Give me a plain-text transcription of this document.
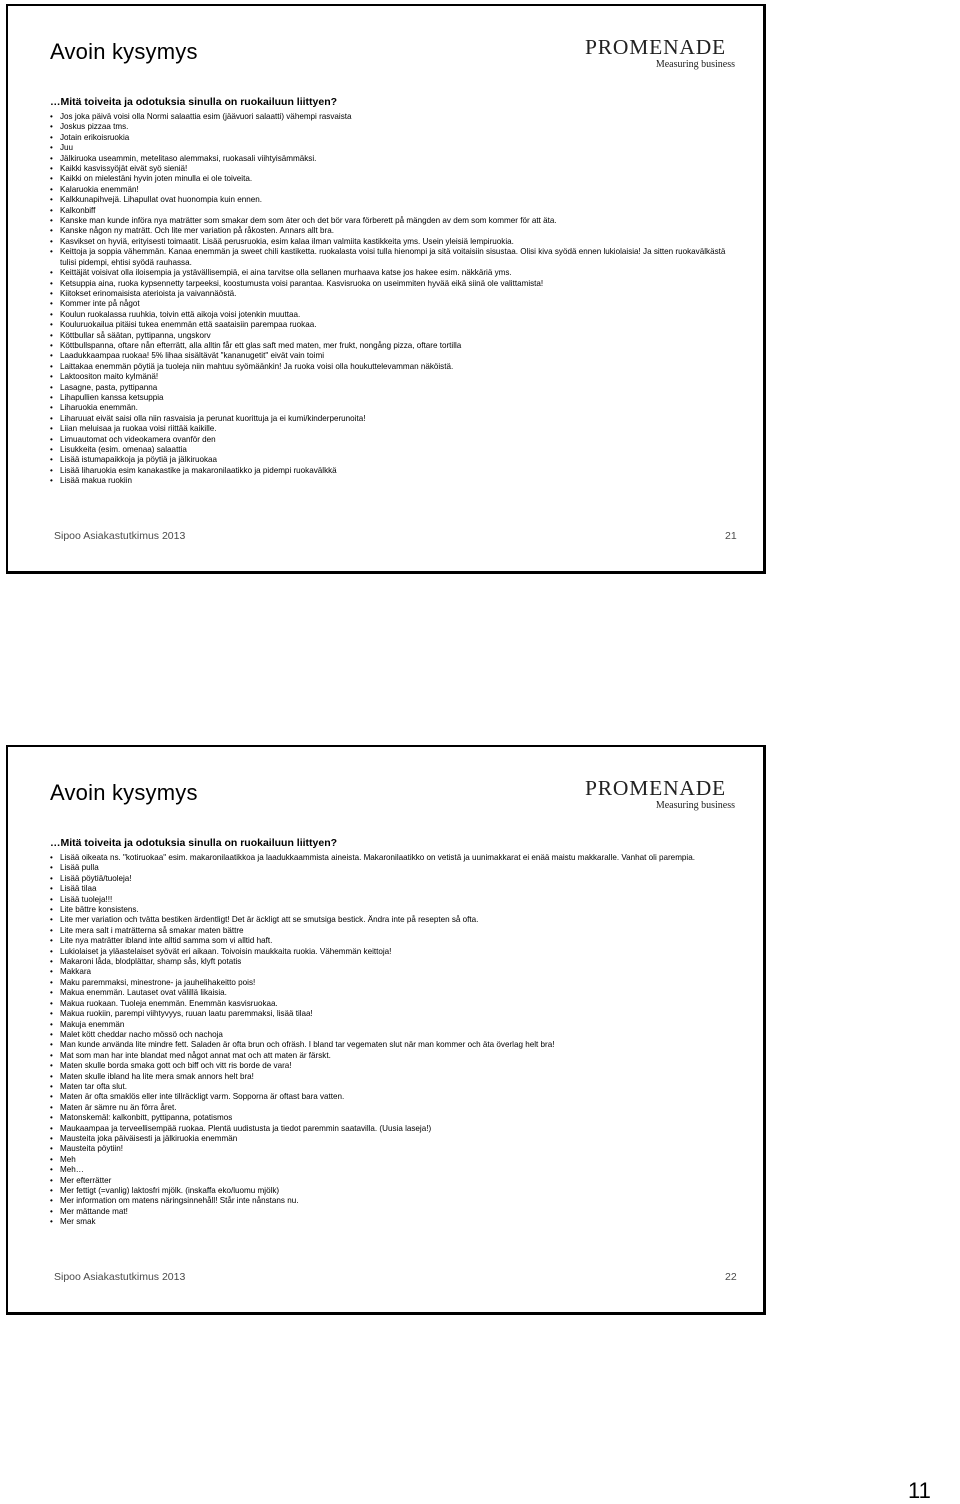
Avoin kysymys	PROMENADE
Measuring business

…Mitä toiveita ja odotuksia sinulla on ruokailuun liittyen?

• Jos joka päivä voisi olla Normi salaattia esim (jäävuori salaatti) vähempi rasvaista
• Joskus pizzaa tms.
• Jotain erikoisruokia
• Juu
• Jälkiruoka useammin, metelitaso alemmaksi, ruokasali viihtyisämmäksi.
• Kaikki kasvissyöjät eivät syö sieniä!
• Kaikki on mielestäni hyvin joten minulla ei ole toiveita.
• Kalaruokia enemmän!
• Kalkkunapihvejä. Lihapullat ovat huonompia kuin ennen.
• Kalkonbiff
• Kanske man kunde införa nya maträtter som smakar dem som äter och det bör vara förberett på mängden av dem som kommer för att äta.
• Kanske någon ny maträtt. Och lite mer variation på råkosten. Annars allt bra.
• Kasvikset on hyviä, erityisesti toimaatit. Lisää perusruokia, esim kalaa ilman valmiita kastikkeita yms. Usein yleisiä lempiruokia.
• Keittoja ja soppia vähemmän. Kanaa enemmän ja sweet chili kastiketta. ruokalasta voisi tulla hienompi ja sitä voitaisiin sisustaa. Olisi kiva syödä ennen lukiolaisia! Ja sitten ruokavälkästä tulisi pidempi, ehtisi syödä rauhassa.
• Keittäjät voisivat olla iloisempia ja ystävällisempiä, ei aina tarvitse olla sellanen murhaava katse jos hakee esim. näkkäriä yms.
• Ketsuppia aina, ruoka kypsennetty tarpeeksi, koostumusta voisi parantaa. Kasvisruoka on useimmiten hyvää eikä siinä ole valittamista!
• Kiitokset erinomaisista aterioista ja vaivannäöstä.
• Kommer inte på något
• Koulun ruokalassa ruuhkia, toivin että aikoja voisi jotenkin muuttaa.
• Kouluruokailua pitäisi tukea enemmän että saataisiin parempaa ruokaa.
• Köttbullar så säätan, pyttipanna, ungskorv
• Köttbullspanna, oftare nån efterrätt, alla alltin får ett glas saft med maten, mer frukt, nongång pizza, oftare tortilla
• Laadukkaampaa ruokaa! 5% lihaa sisältävät "kananugetit" eivät vain toimi
• Laittakaa enemmän pöytiä ja tuoleja niin mahtuu syömäänkin! Ja ruoka voisi olla houkuttelevamman näköistä.
• Laktoositon maito kylmänä!
• Lasagne, pasta, pyttipanna
• Lihapullien kanssa ketsuppia
• Liharuokia enemmän.
• Liharuuat eivät saisi olla niin rasvaisia ja perunat kuorittuja ja ei kumi/kinderperunoita!
• Liian meluisaa ja ruokaa voisi riittää kaikille.
• Limuautomat och videokamera ovanför den
• Lisukkeita (esim. omenaa) salaattia
• Lisää istumapaikkoja ja pöytiä ja jälkiruokaa
• Lisää liharuokia esim kanakastike ja makaronilaatikko ja pidempi ruokavälkkä
• Lisää makua ruokiin
Sipoo Asiakastutkimus 2013	21
Avoin kysymys	PROMENADE
Measuring business

…Mitä toiveita ja odotuksia sinulla on ruokailuun liittyen?

• Lisää oikeata ns. "kotiruokaa" esim. makaronilaatikkoa ja laadukkaammista aineista. Makaronilaatikko on vetistä ja uunimakkarat ei enää maistu makkaralle. Vanhat oli parempia.
• Lisää pulla
• Lisää pöytiä/tuoleja!
• Lisää tilaa
• Lisää tuoleja!!!
• Lite bättre konsistens.
• Lite mer variation och tvätta bestiken ärdentligt! Det är äckligt att se smutsiga bestick. Ändra inte på resepten så ofta.
• Lite mera salt i maträtterna så smakar maten bättre
• Lite nya maträtter ibland inte alltid samma som vi alltid haft.
• Lukiolaiset ja yläastelaiset syövät eri aikaan. Toivoisin maukkaita ruokia. Vähemmän keittoja!
• Makaroni låda, blodplättar, shamp sås, klyft potatis
• Makkara
• Maku paremmaksi, minestrone- ja jauhelihakeitto pois!
• Makua enemmän. Lautaset ovat välillä likaisia.
• Makua ruokaan. Tuoleja enemmän. Enemmän kasvisruokaa.
• Makua ruokiin, parempi viihtyvyys, ruuan laatu paremmaksi, lisää tilaa!
• Makuja enemmän
• Malet kött cheddar nacho mössö och nachoja
• Man kunde använda lite mindre fett. Saladen är ofta brun och ofräsh. I bland tar vegematen slut när man kommer och äta överlag helt bra!
• Mat som man har inte blandat med något annat mat och att maten är färskt.
• Maten skulle borda smaka gott och biff och vitt ris borde de vara!
• Maten skulle ibland ha lite mera smak annors helt bra!
• Maten tar ofta slut.
• Maten är ofta smaklös eller inte tillräckligt varm. Sopporna är oftast bara vatten.
• Maten är sämre nu än förra året.
• Matonskemäl: kalkonbitt, pyttipanna, potatismos
• Maukaampaa ja terveellisempää ruokaa. Plentä uudistusta ja tiedot paremmin saatavilla. (Uusia laseja!)
• Mausteita joka päiväisesti ja jälkiruokia enemmän
• Mausteita pöytiin!
• Meh
• Meh…
• Mer efterrätter
• Mer fettigt (=vanlig) laktosfri mjölk. (inskaffa eko/luomu mjölk)
• Mer information om matens näringsinnehåll! Står inte nånstans nu.
• Mer mättande mat!
• Mer smak
Sipoo Asiakastutkimus 2013	22
11
